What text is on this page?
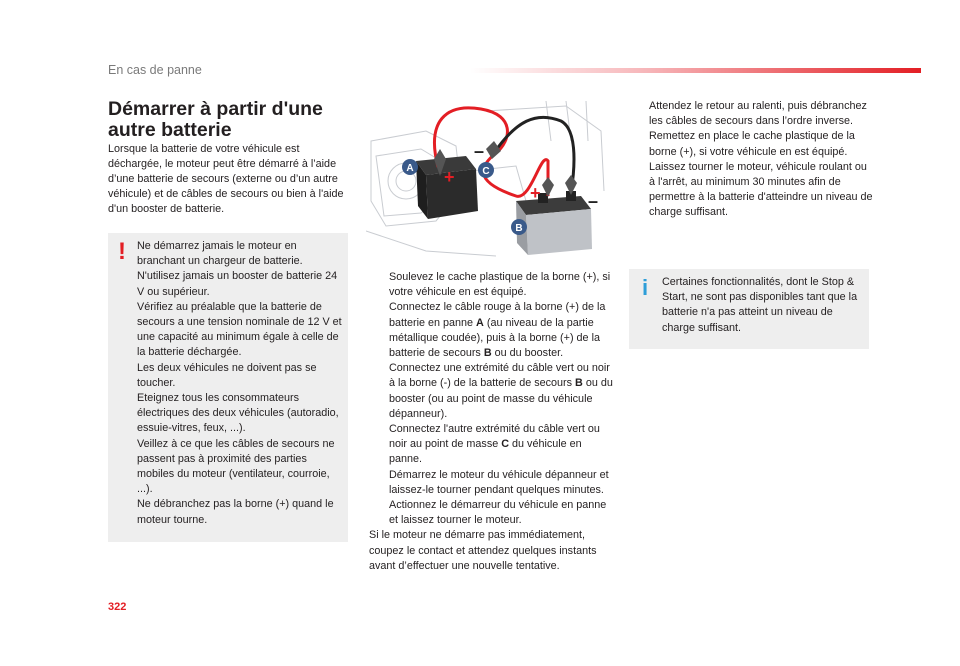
En cas de panne
Démarrer à partir d'une autre batterie

Lorsque la batterie de votre véhicule est déchargée, le moteur peut être démarré à l’aide d’une batterie de secours (externe ou d’un autre véhicule) et de câbles de secours ou bien à l'aide d'un booster de batterie.

! Ne démarrez jamais le moteur en branchant un chargeur de batterie.

N'utilisez jamais un booster de batterie 24 V ou supérieur.

Vérifiez au préalable que la batterie de secours a une tension nominale de 12 V et une capacité au minimum égale à celle de la batterie déchargée.

Les deux véhicules ne doivent pas se toucher.

Eteignez tous les consommateurs électriques des deux véhicules (autoradio, essuie-vitres, feux, ...).

Veillez à ce que les câbles de secours ne passent pas à proximité des parties mobiles du moteur (ventilateur, courroie, ...).

Ne débranchez pas la borne (+) quand le moteur tourne.

+
–
+	–
A	C
B
Soulevez le cache plastique de la borne (+), si votre véhicule en est équipé.
Connectez le câble rouge à la borne (+) de la batterie en panne A (au niveau de la partie métallique coudée), puis à la borne (+) de la batterie de secours B ou du booster.
Connectez une extrémité du câble vert ou noir à la borne (-) de la batterie de secours B ou du booster (ou au point de masse du véhicule dépanneur).
Connectez l'autre extrémité du câble vert ou noir au point de masse C du véhicule en panne.
Démarrez le moteur du véhicule dépanneur et laissez-le tourner pendant quelques minutes.
Actionnez le démarreur du véhicule en panne et laissez tourner le moteur.

Si le moteur ne démarre pas immédiatement, coupez le contact et attendez quelques instants avant d’effectuer une nouvelle tentative.

Attendez le retour au ralenti, puis débranchez les câbles de secours dans l’ordre inverse.
Remettez en place le cache plastique de la borne (+), si votre véhicule en est équipé.
Laissez tourner le moteur, véhicule roulant ou à l'arrêt, au minimum 30 minutes afin de permettre à la batterie d'atteindre un niveau de charge suffisant.
i Certaines fonctionnalités, dont le Stop & Start, ne sont pas disponibles tant que la batterie n'a pas atteint un niveau de charge suffisant.

322
